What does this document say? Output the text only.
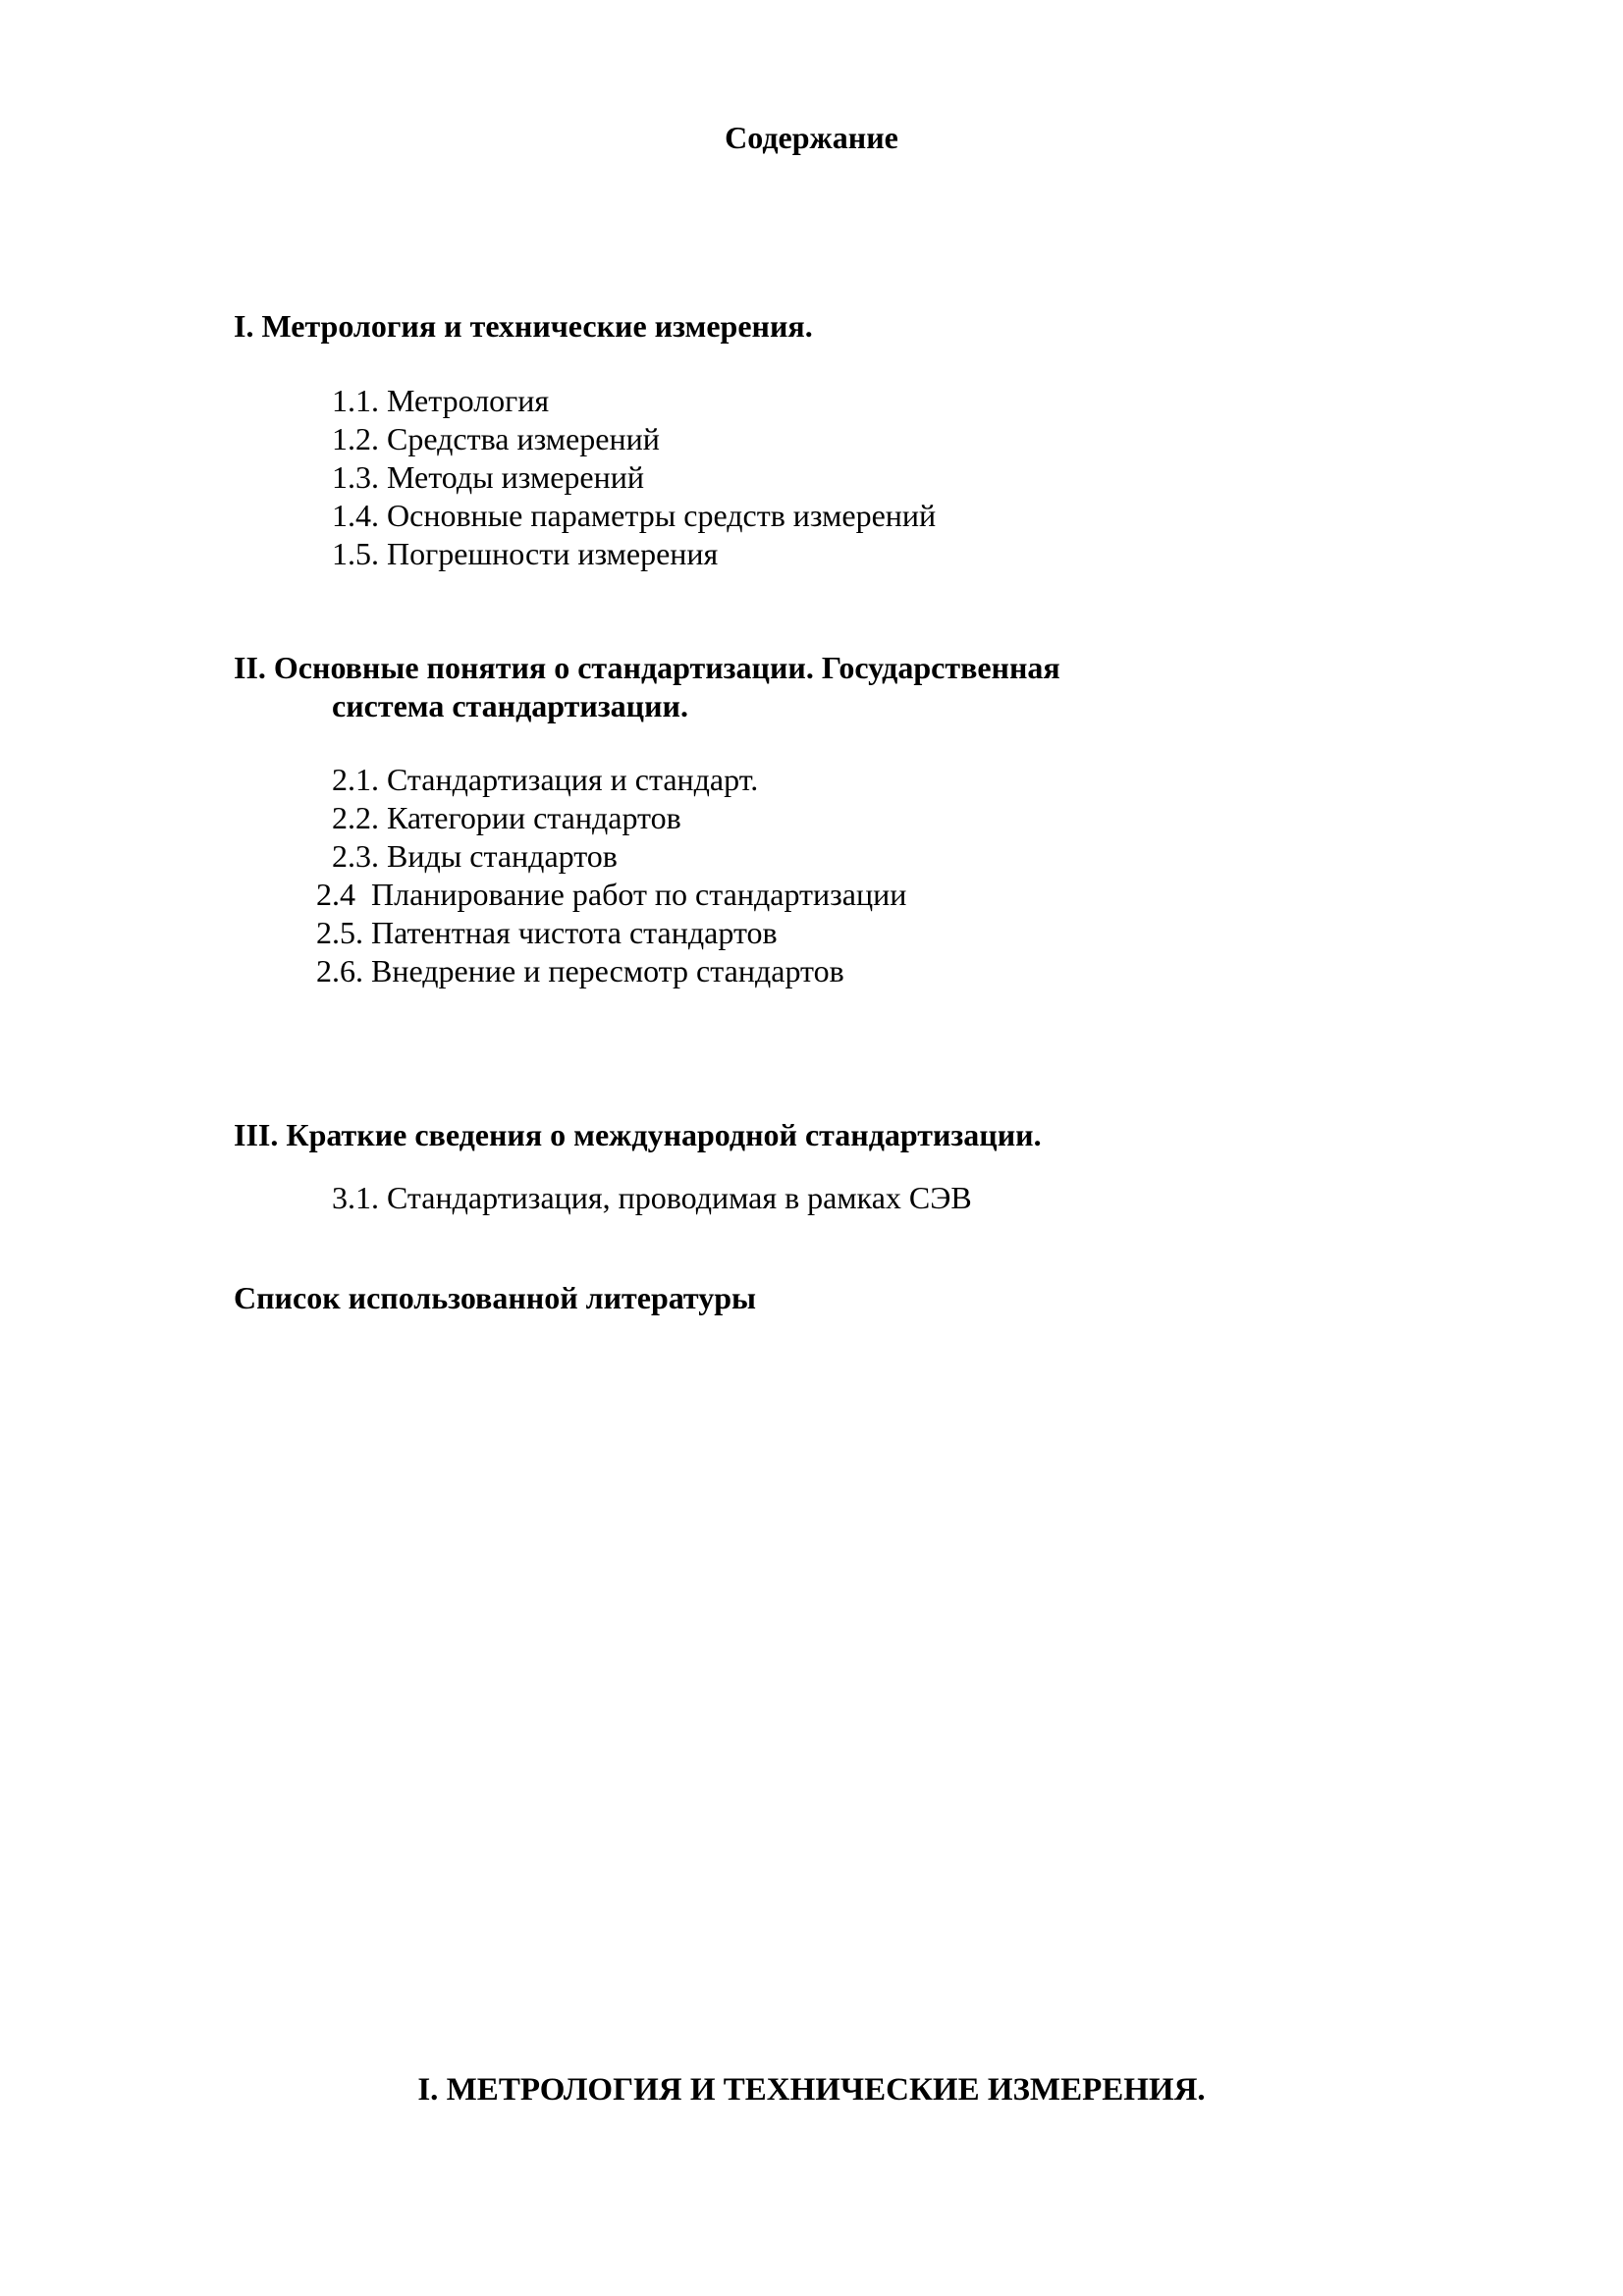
Содержание
I. Метрология и технические измерения.
1.1. Метрология
1.2. Средства измерений
1.3. Методы измерений
1.4. Основные параметры средств измерений
1.5. Погрешности измерения
II. Основные понятия о стандартизации. Государственная
система стандартизации.
2.1. Стандартизация и стандарт.
2.2. Категории стандартов
2.3. Виды стандартов
2.4  Планирование работ по стандартизации
2.5. Патентная чистота стандартов
2.6. Внедрение и пересмотр стандартов
III. Краткие сведения о международной стандартизации.
3.1. Стандартизация, проводимая в рамках СЭВ
Список использованной литературы
I. МЕТРОЛОГИЯ И ТЕХНИЧЕСКИЕ ИЗМЕРЕНИЯ.
